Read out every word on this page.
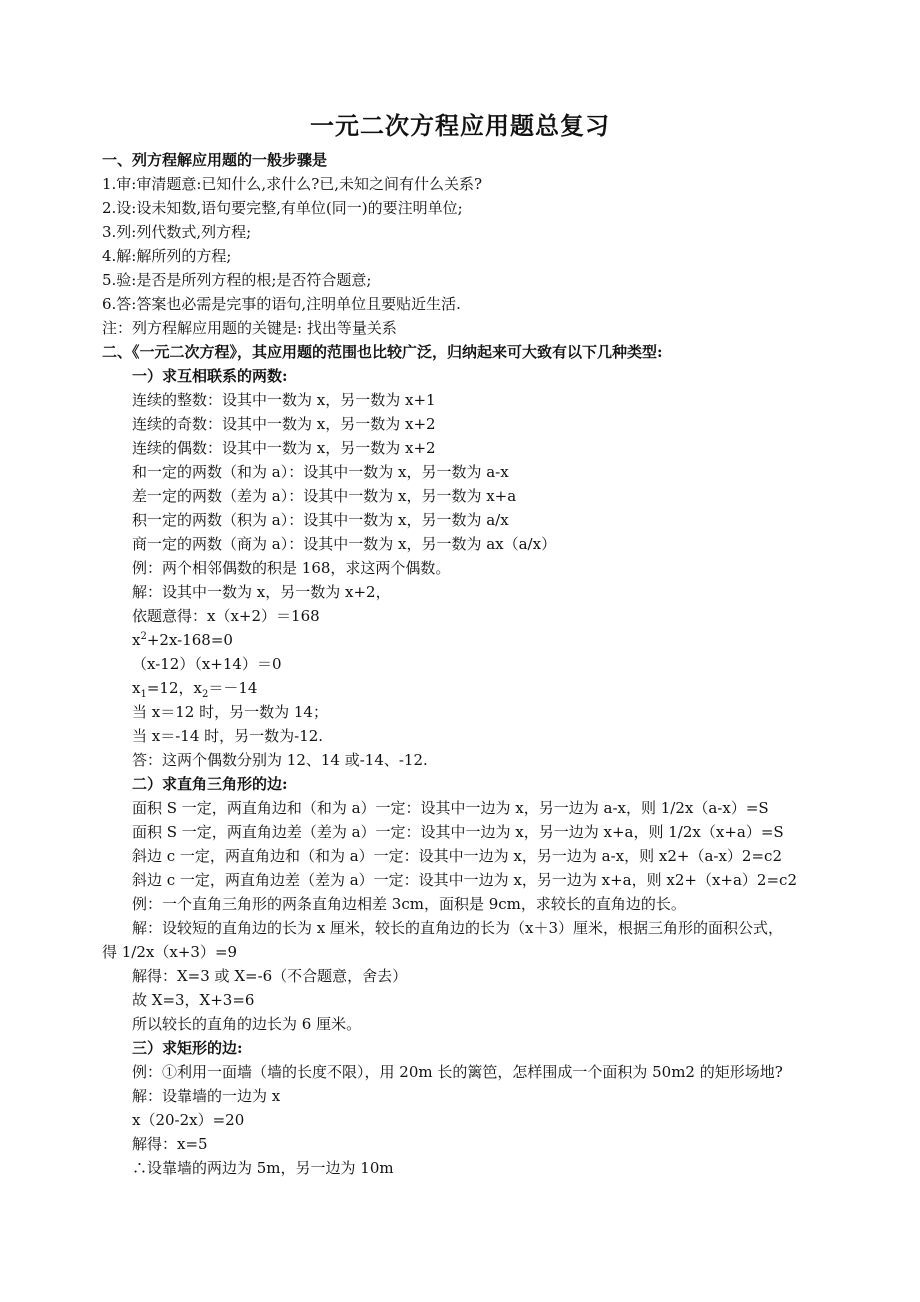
一元二次方程应用题总复习
一、列方程解应用题的一般步骤是
1.审:审清题意:已知什么,求什么?已,未知之间有什么关系?
2.设:设未知数,语句要完整,有单位(同一)的要注明单位;
3.列:列代数式,列方程;
4.解:解所列的方程;
5.验:是否是所列方程的根;是否符合题意;
6.答:答案也必需是完事的语句,注明单位且要贴近生活.
注：列方程解应用题的关键是: 找出等量关系
二、《一元二次方程》，其应用题的范围也比较广泛，归纳起来可大致有以下几种类型:
一）求互相联系的两数:
连续的整数：设其中一数为 x，另一数为 x+1
连续的奇数：设其中一数为 x，另一数为 x+2
连续的偶数：设其中一数为 x，另一数为 x+2
和一定的两数（和为 a）：设其中一数为 x，另一数为 a-x
差一定的两数（差为 a）：设其中一数为 x，另一数为 x+a
积一定的两数（积为 a）：设其中一数为 x，另一数为 a/x
商一定的两数（商为 a）：设其中一数为 x，另一数为 ax（a/x）
例：两个相邻偶数的积是 168，求这两个偶数。
解：设其中一数为 x，另一数为 x+2，
依题意得：x（x+2）＝168
$x^2+2x-168=0$
（x-12）（x+14）＝0
$x_1=12$，$x_2=-14$
当 x＝12 时，另一数为 14；
当 x＝-14 时，另一数为-12.
答：这两个偶数分别为 12、14 或-14、-12.
二）求直角三角形的边:
面积 S 一定，两直角边和（和为 a）一定：设其中一边为 x，另一边为 a-x，则 1/2x（a-x）=S
面积 S 一定，两直角边差（差为 a）一定：设其中一边为 x，另一边为 x+a，则 1/2x（x+a）=S
斜边 c 一定，两直角边和（和为 a）一定：设其中一边为 x，另一边为 a-x，则 x2+（a-x）2=c2
斜边 c 一定，两直角边差（差为 a）一定：设其中一边为 x，另一边为 x+a，则 x2+（x+a）2=c2
例：一个直角三角形的两条直角边相差 3cm，面积是 9cm，求较长的直角边的长。
解：设较短的直角边的长为 x 厘米，较长的直角边的长为（x＋3）厘米，根据三角形的面积公式，
得 1/2x（x+3）=9
解得：X=3 或 X=-6（不合题意，舍去）
故 X=3，X+3=6
所以较长的直角的边长为 6 厘米。
三）求矩形的边:
例：①利用一面墙（墙的长度不限），用 20m 长的篱笆，怎样围成一个面积为 50m2 的矩形场地?
解：设靠墙的一边为 x
x（20-2x）=20
解得：x=5
∴设靠墙的两边为 5m，另一边为 10m
